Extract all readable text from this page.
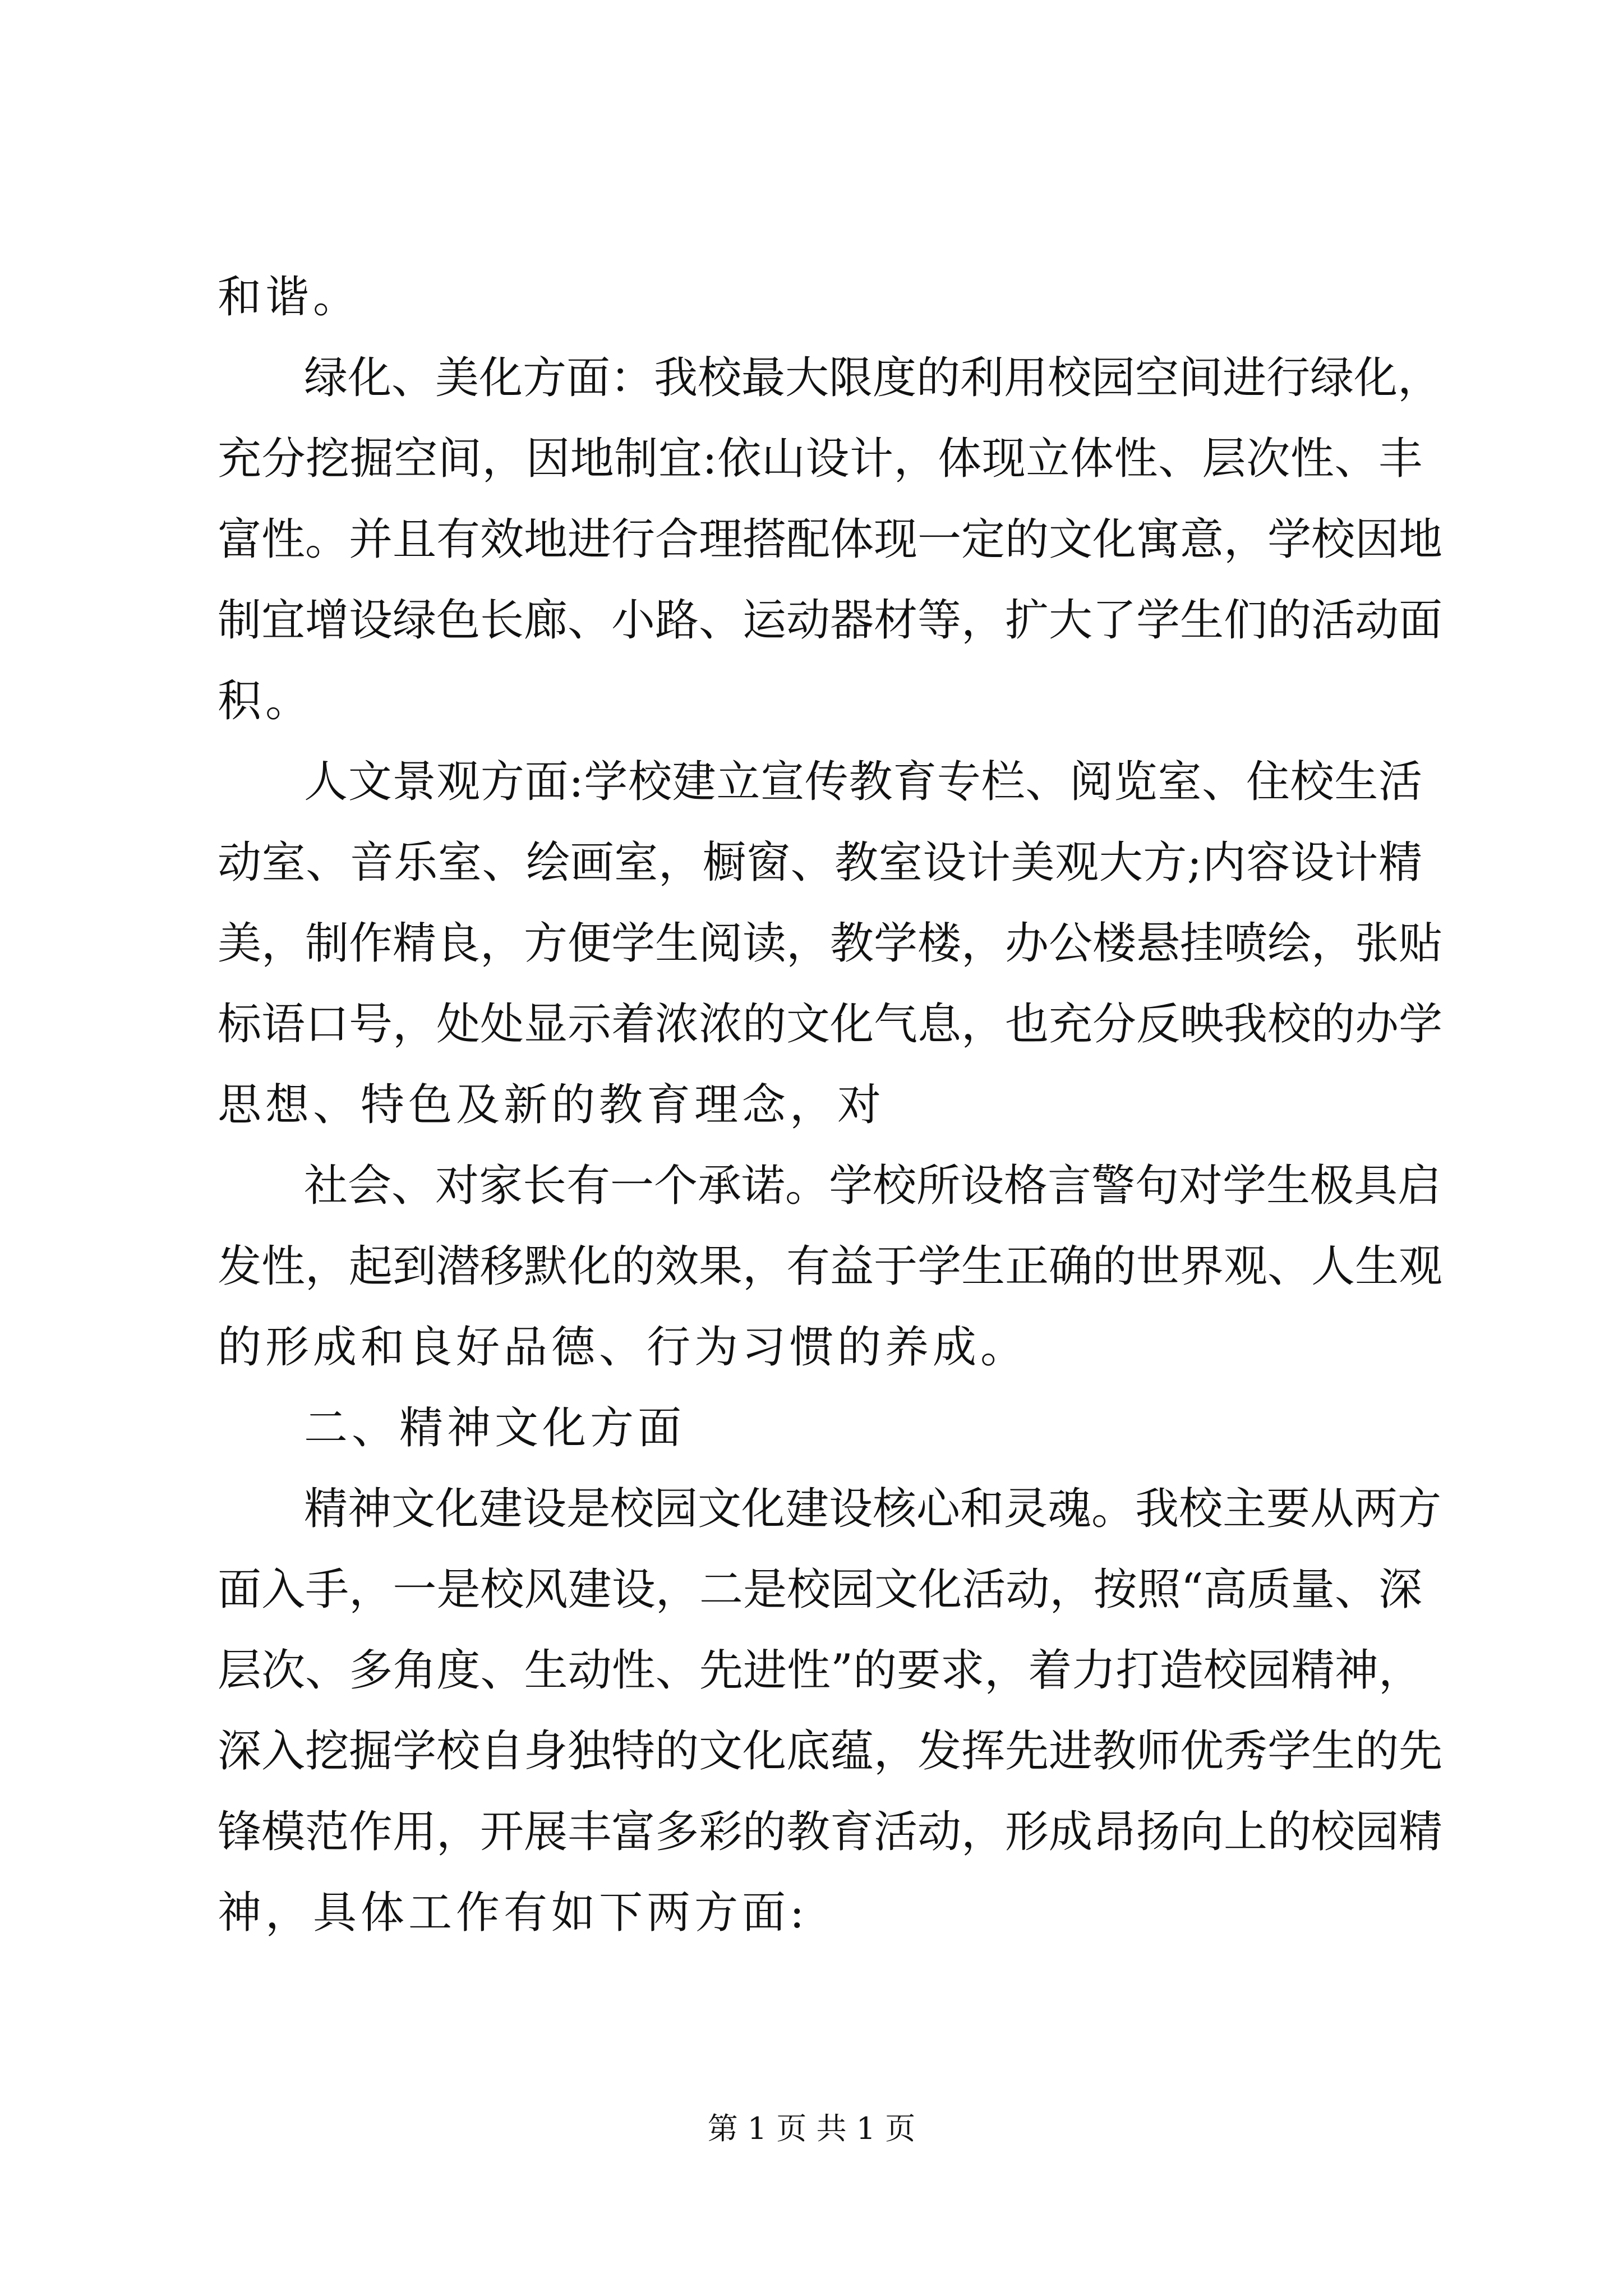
和谐。
绿化、美化方面：我校最大限度的利用校园空间进行绿化，
充分挖掘空间，因地制宜:依山设计，体现立体性、层次性、丰
富性。并且有效地进行合理搭配体现一定的文化寓意，学校因地
制宜增设绿色长廊、小路、运动器材等，扩大了学生们的活动面
积。
人文景观方面:学校建立宣传教育专栏、阅览室、住校生活
动室、音乐室、绘画室，橱窗、教室设计美观大方;内容设计精
美，制作精良，方便学生阅读，教学楼，办公楼悬挂喷绘，张贴
标语口号，处处显示着浓浓的文化气息，也充分反映我校的办学
思想、特色及新的教育理念，对
社会、对家长有一个承诺。学校所设格言警句对学生极具启
发性，起到潜移默化的效果，有益于学生正确的世界观、人生观
的形成和良好品德、行为习惯的养成。
二、精神文化方面
精神文化建设是校园文化建设核心和灵魂。我校主要从两方
面入手，一是校风建设，二是校园文化活动，按照“高质量、深
层次、多角度、生动性、先进性”的要求，着力打造校园精神，
深入挖掘学校自身独特的文化底蕴，发挥先进教师优秀学生的先
锋模范作用，开展丰富多彩的教育活动，形成昂扬向上的校园精
神，具体工作有如下两方面:
第 1 页 共 1 页
